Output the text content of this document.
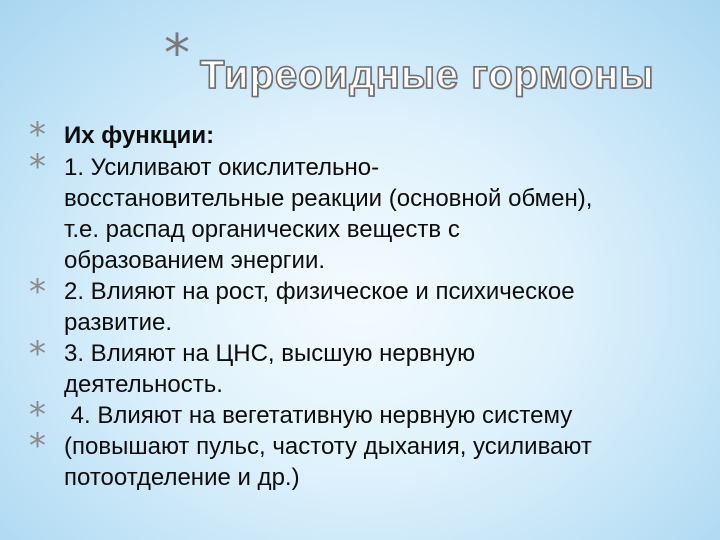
* Тиреоидные гормоны
*
*
*
*
*
*
Их функции:
1. Усиливают окислительно-
восстановительные реакции (основной обмен),
т.е. распад органических веществ с
образованием энергии.
2. Влияют на рост, физическое и психическое
развитие.
3. Влияют на ЦНС, высшую нервную
деятельность.
4. Влияют на вегетативную нервную систему
(повышают пульс, частоту дыхания, усиливают
потоотделение и др.)
